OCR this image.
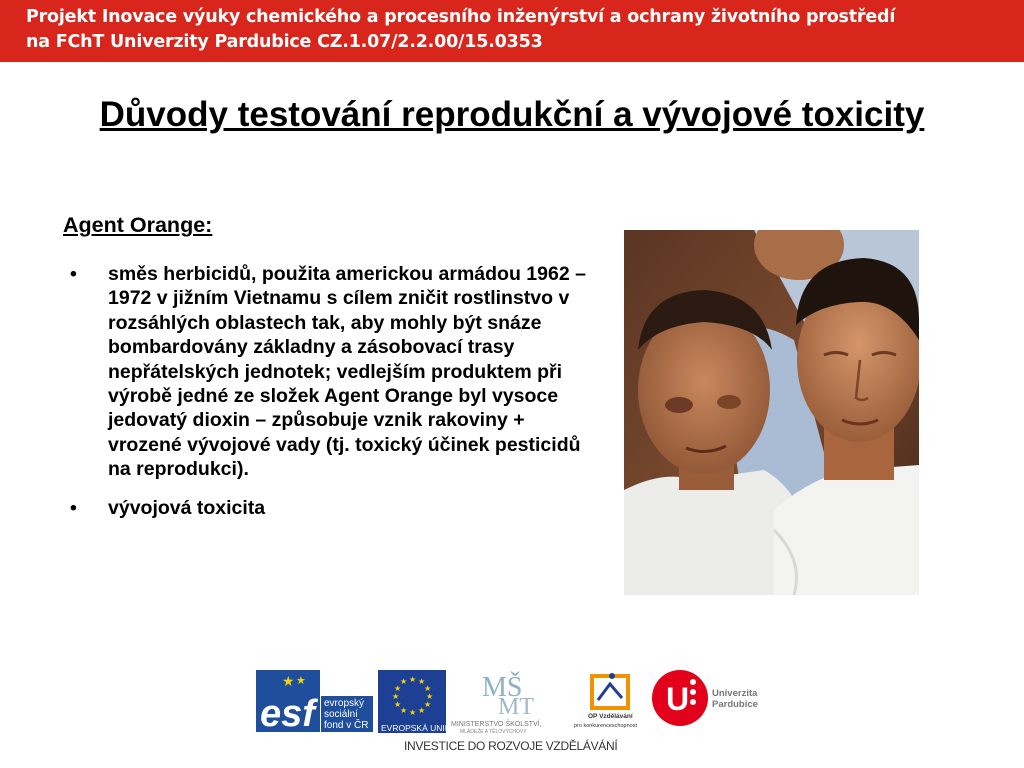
Projekt Inovace výuky chemického a procesního inženýrství a ochrany životního prostředí
na FChT Univerzity Pardubice CZ.1.07/2.2.00/15.0353
Důvody testování reprodukční a vývojové toxicity
Agent Orange:
•	směs herbicidů, použita americkou armádou 1962 – 1972 v jižním Vietnamu s cílem zničit rostlinstvo v rozsáhlých oblastech tak, aby mohly být snáze bombardovány základny a zásobovací trasy nepřátelských jednotek; vedlejším produktem při výrobě jedné ze složek Agent Orange byl vysoce jedovatý dioxin – způsobuje vznik rakoviny + vrozené vývojové vady (tj. toxický účinek pesticidů na reprodukci).
•	vývojová toxicita
esf
★ ★
evropský
sociální
fond v ČR
★ ★
★
★
★
★
★
★
★
★
★
★
EVROPSKÁ UNIE
MŠ
MT
MINISTERSTVO ŠKOLSTVÍ,
MLÁDEŽE A TĚLOVÝCHOVY
OP Vzdělávání
pro konkurenceschopnost
U Univerzita
Pardubice
INVESTICE DO ROZVOJE VZDĚLÁVÁNÍ
